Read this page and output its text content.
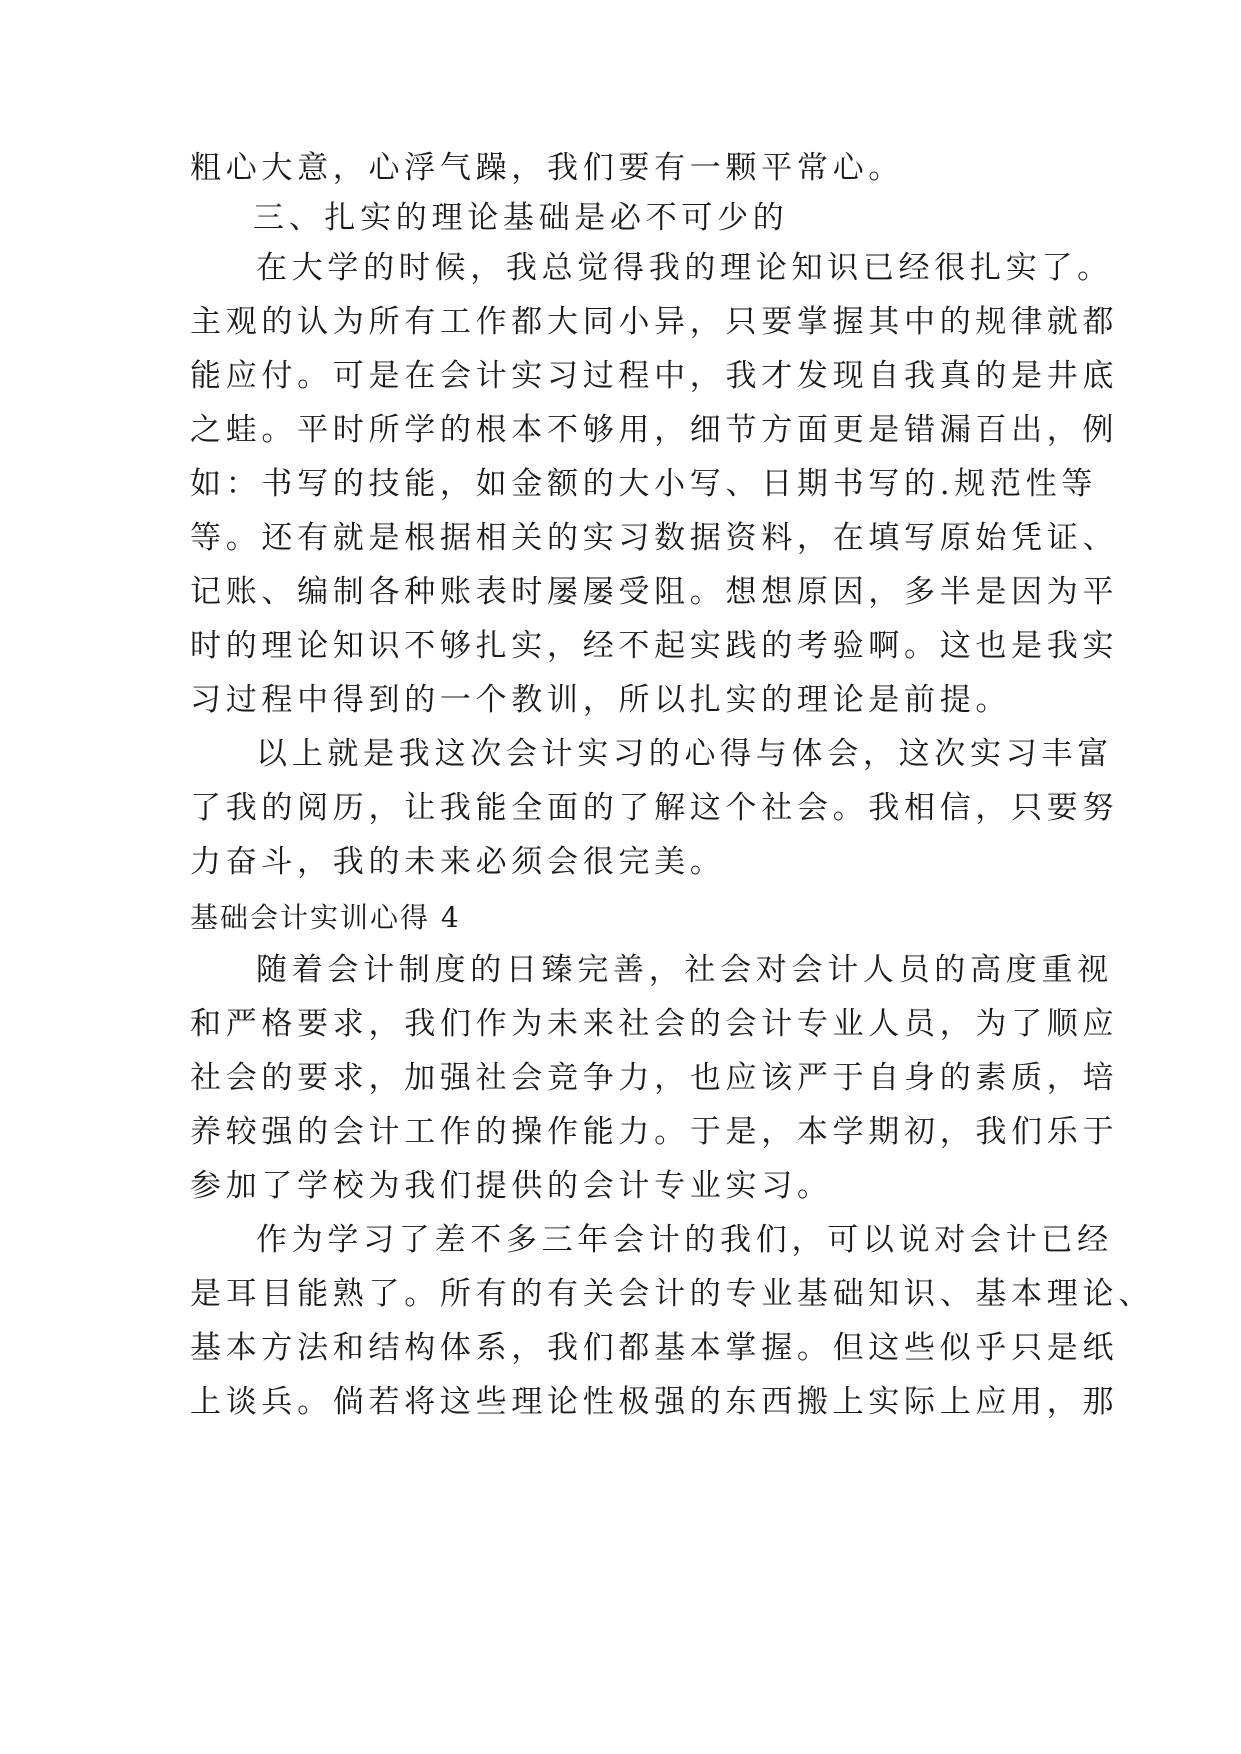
粗心大意，心浮气躁，我们要有一颗平常心。
三、扎实的理论基础是必不可少的
在大学的时候，我总觉得我的理论知识已经很扎实了。
主观的认为所有工作都大同小异，只要掌握其中的规律就都
能应付。可是在会计实习过程中，我才发现自我真的是井底
之蛙。平时所学的根本不够用，细节方面更是错漏百出，例
如：书写的技能，如金额的大小写、日期书写的.规范性等
等。还有就是根据相关的实习数据资料，在填写原始凭证、
记账、编制各种账表时屡屡受阻。想想原因，多半是因为平
时的理论知识不够扎实，经不起实践的考验啊。这也是我实
习过程中得到的一个教训，所以扎实的理论是前提。
以上就是我这次会计实习的心得与体会，这次实习丰富
了我的阅历，让我能全面的了解这个社会。我相信，只要努
力奋斗，我的未来必须会很完美。
基础会计实训心得 4
随着会计制度的日臻完善，社会对会计人员的高度重视
和严格要求，我们作为未来社会的会计专业人员，为了顺应
社会的要求，加强社会竞争力，也应该严于自身的素质，培
养较强的会计工作的操作能力。于是，本学期初，我们乐于
参加了学校为我们提供的会计专业实习。
作为学习了差不多三年会计的我们，可以说对会计已经
是耳目能熟了。所有的有关会计的专业基础知识、基本理论、
基本方法和结构体系，我们都基本掌握。但这些似乎只是纸
上谈兵。倘若将这些理论性极强的东西搬上实际上应用，那
